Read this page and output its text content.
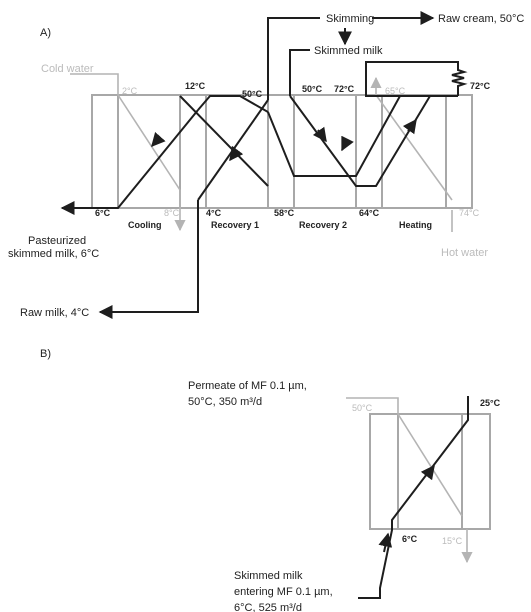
A)
Skimming	Raw cream, 50°C
Skimmed milk
Cold water
Hot water
Raw milk, 4°C
Pasteurized
skimmed milk, 6°C
Cooling	Recovery 1	Recovery 2	Heating
12°C
50°C	50°C 72°C	72°C
6°C	4°C	58°C	64°C
2°C
8°C
65°C
74°C
B)
Permeate of MF 0.1 µm,
50°C, 350 m³/d
Skimmed milk
entering MF 0.1 µm,
6°C, 525 m³/d
25°C
6°C
50°C
15°C
